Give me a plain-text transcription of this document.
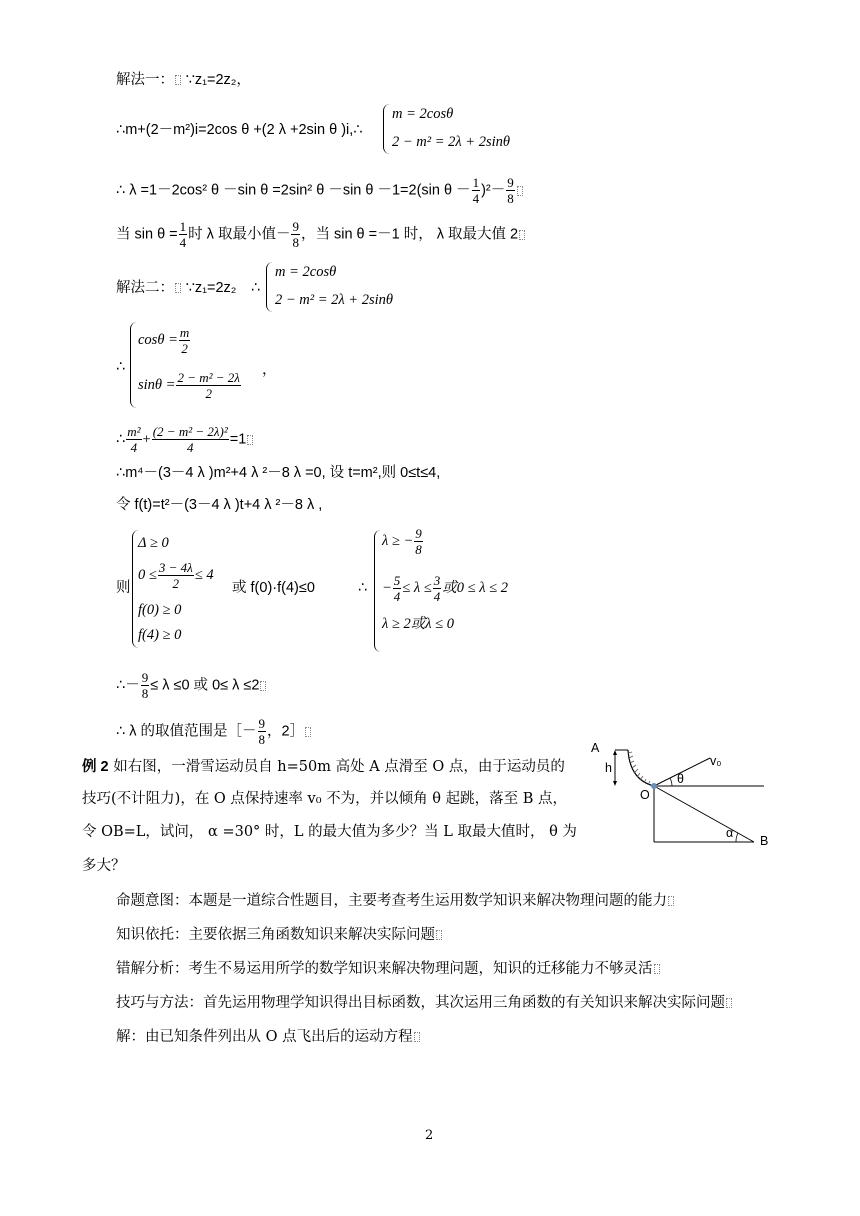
解法一： ∵z₁=2z₂，
∴m+(2－m²)i=2cos θ +(2 λ +2sin θ )i,∴
m = 2cosθ
2 − m² = 2λ + 2sinθ
∴ λ =1－2cos² θ －sin θ =2sin² θ －sin θ －1=2(sin $\theta - \frac{1}{4} )^2- \frac{9}{8}$
当 $\sin \theta = \frac{1}{4}$ 时 λ 取最小值－ $\frac{9}{8}$ ，当 sin θ =－1 时， λ 取最大值 2
解法二： ∵z₁=2z₂ ∴
m = 2cosθ
2 − m² = 2λ + 2sinθ
∴
$\cos\theta = \frac{m}{2}$
$\sin\theta = \frac{\text{2 − m² − 2λ}}{2}$ ，
∴ $\frac{\text{m²}}{4} + \frac{\text{(2 − m² − 2λ)²}}{4} =1$
∴m⁴－(3－4 λ )m²+4 λ ²－8 λ =0, 设 t=m²,则 0≤t≤4,
令 f(t)=t²－(3－4 λ )t+4 λ ²－8 λ ,
则
Δ ≥ 0
$0 \le \frac{3 - 4\lambda}{2} \le 4$
f(0) ≥ 0
f(4) ≥ 0
或 f(0)·f(4)≤0	∴
λ ≥ − $\frac{9}{8}$
− $\frac{5}{4} \le \lambda \le \frac{3}{4}$ 或0 ≤ λ ≤ 2
λ ≥ 2或λ ≤ 0
∴－ $\frac{9}{8} \le \lambda \le 0$ 或 0≤ λ ≤2
∴ λ 的取值范围是［－ $\frac{9}{8}$ ，2］
例 2 如右图，一滑雪运动员自 h=50m 高处 A 点滑至 O 点，由于运动员的
技巧(不计阻力)，在 O 点保持速率 v₀ 不为，并以倾角 θ 起跳，落至 B 点，
令 OB=L，试问， α =30° 时，L 的最大值为多少？当 L 取最大值时， θ 为
多大？
A
h
O
v₀
θ
α
B
命题意图：本题是一道综合性题目，主要考查考生运用数学知识来解决物理问题的能力
知识依托：主要依据三角函数知识来解决实际问题
错解分析：考生不易运用所学的数学知识来解决物理问题，知识的迁移能力不够灵活
技巧与方法：首先运用物理学知识得出目标函数，其次运用三角函数的有关知识来解决实际问题
解：由已知条件列出从 O 点飞出后的运动方程
2
